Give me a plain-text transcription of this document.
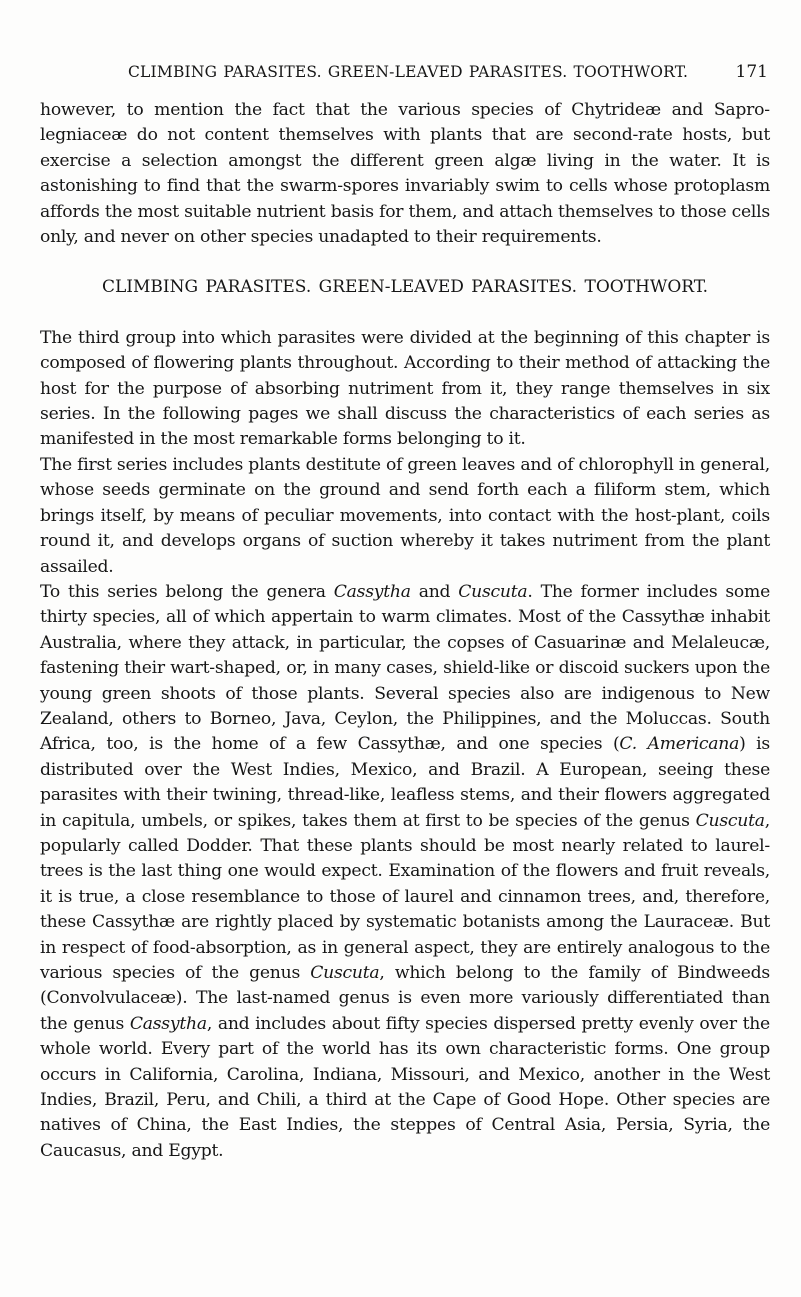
CLIMBING PARASITES. GREEN-LEAVED PARASITES. TOOTHWORT.	171

however, to mention the fact that the various species of Chytrideæ and Saprolegniaceæ do not content themselves with plants that are second-rate hosts, but exercise a selection amongst the different green algæ living in the water. It is astonishing to find that the swarm-spores invariably swim to cells whose protoplasm affords the most suitable nutrient basis for them, and attach themselves to those cells only, and never on other species unadapted to their requirements.

CLIMBING PARASITES. GREEN-LEAVED PARASITES. TOOTHWORT.

The third group into which parasites were divided at the beginning of this chapter is composed of flowering plants throughout. According to their method of attacking the host for the purpose of absorbing nutriment from it, they range themselves in six series. In the following pages we shall discuss the characteristics of each series as manifested in the most remarkable forms belonging to it.

The first series includes plants destitute of green leaves and of chlorophyll in general, whose seeds germinate on the ground and send forth each a filiform stem, which brings itself, by means of peculiar movements, into contact with the host-plant, coils round it, and develops organs of suction whereby it takes nutriment from the plant assailed.

To this series belong the genera Cassytha and Cuscuta. The former includes some thirty species, all of which appertain to warm climates. Most of the Cassythæ inhabit Australia, where they attack, in particular, the copses of Casuarinæ and Melaleucæ, fastening their wart-shaped, or, in many cases, shield-like or discoid suckers upon the young green shoots of those plants. Several species also are indigenous to New Zealand, others to Borneo, Java, Ceylon, the Philippines, and the Moluccas. South Africa, too, is the home of a few Cassythæ, and one species (C. Americana) is distributed over the West Indies, Mexico, and Brazil. A European, seeing these parasites with their twining, thread-like, leafless stems, and their flowers aggregated in capitula, umbels, or spikes, takes them at first to be species of the genus Cuscuta, popularly called Dodder. That these plants should be most nearly related to laurel-trees is the last thing one would expect. Examination of the flowers and fruit reveals, it is true, a close resemblance to those of laurel and cinnamon trees, and, therefore, these Cassythæ are rightly placed by systematic botanists among the Lauraceæ. But in respect of food-absorption, as in general aspect, they are entirely analogous to the various species of the genus Cuscuta, which belong to the family of Bindweeds (Convolvulaceæ). The last-named genus is even more variously differentiated than the genus Cassytha, and includes about fifty species dispersed pretty evenly over the whole world. Every part of the world has its own characteristic forms. One group occurs in California, Carolina, Indiana, Missouri, and Mexico, another in the West Indies, Brazil, Peru, and Chili, a third at the Cape of Good Hope. Other species are natives of China, the East Indies, the steppes of Central Asia, Persia, Syria, the Caucasus, and Egypt.
